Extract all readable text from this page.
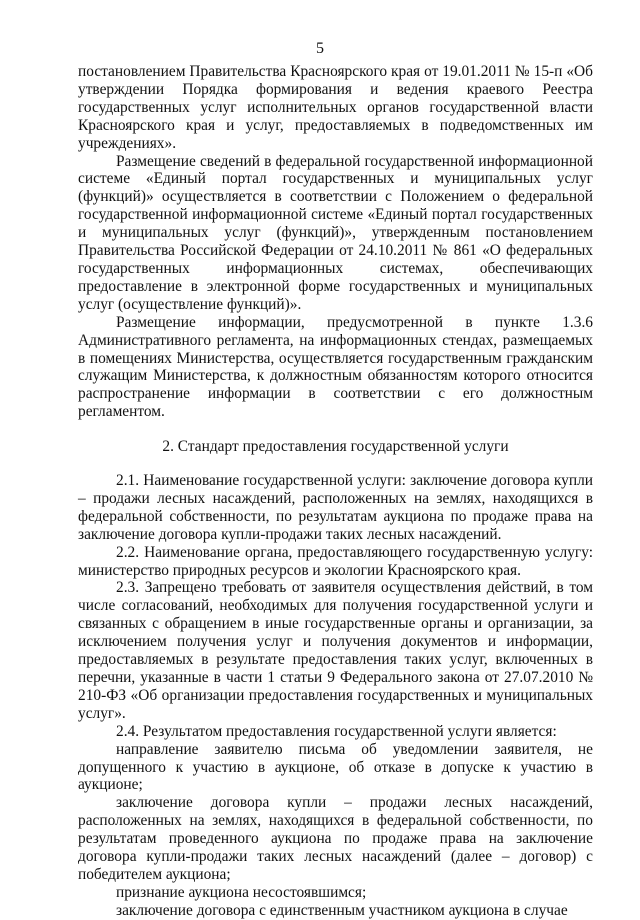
5

постановлением Правительства Красноярского края от 19.01.2011 № 15-п «Об утверждении Порядка формирования и ведения краевого Реестра государственных услуг исполнительных органов государственной власти Красноярского края и услуг, предоставляемых в подведомственных им учреждениях».

Размещение сведений в федеральной государственной информационной системе «Единый портал государственных и муниципальных услуг (функций)» осуществляется в соответствии с Положением о федеральной государственной информационной системе «Единый портал государственных и муниципальных услуг (функций)», утвержденным постановлением Правительства Российской Федерации от 24.10.2011 № 861 «О федеральных государственных информационных системах, обеспечивающих предоставление в электронной форме государственных и муниципальных услуг (осуществление функций)».

Размещение информации, предусмотренной в пункте 1.3.6 Административного регламента, на информационных стендах, размещаемых в помещениях Министерства, осуществляется государственным гражданским служащим Министерства, к должностным обязанностям которого относится распространение информации в соответствии с его должностным регламентом.

2. Стандарт предоставления государственной услуги

2.1. Наименование государственной услуги: заключение договора купли – продажи лесных насаждений, расположенных на землях, находящихся в федеральной собственности, по результатам аукциона по продаже права на заключение договора купли-продажи таких лесных насаждений.

2.2. Наименование органа, предоставляющего государственную услугу: министерство природных ресурсов и экологии Красноярского края.

2.3. Запрещено требовать от заявителя осуществления действий, в том числе согласований, необходимых для получения государственной услуги и связанных с обращением в иные государственные органы и организации, за исключением получения услуг и получения документов и информации, предоставляемых в результате предоставления таких услуг, включенных в перечни, указанные в части 1 статьи 9 Федерального закона от 27.07.2010 № 210-ФЗ «Об организации предоставления государственных и муниципальных услуг».

2.4. Результатом предоставления государственной услуги является:

направление заявителю письма об уведомлении заявителя, не допущенного к участию в аукционе, об отказе в допуске к участию в аукционе;

заключение договора купли – продажи лесных насаждений, расположенных на землях, находящихся в федеральной собственности, по результатам проведенного аукциона по продаже права на заключение договора купли-продажи таких лесных насаждений (далее – договор) с победителем аукциона;

признание аукциона несостоявшимся;

заключение договора с единственным участником аукциона в случае
